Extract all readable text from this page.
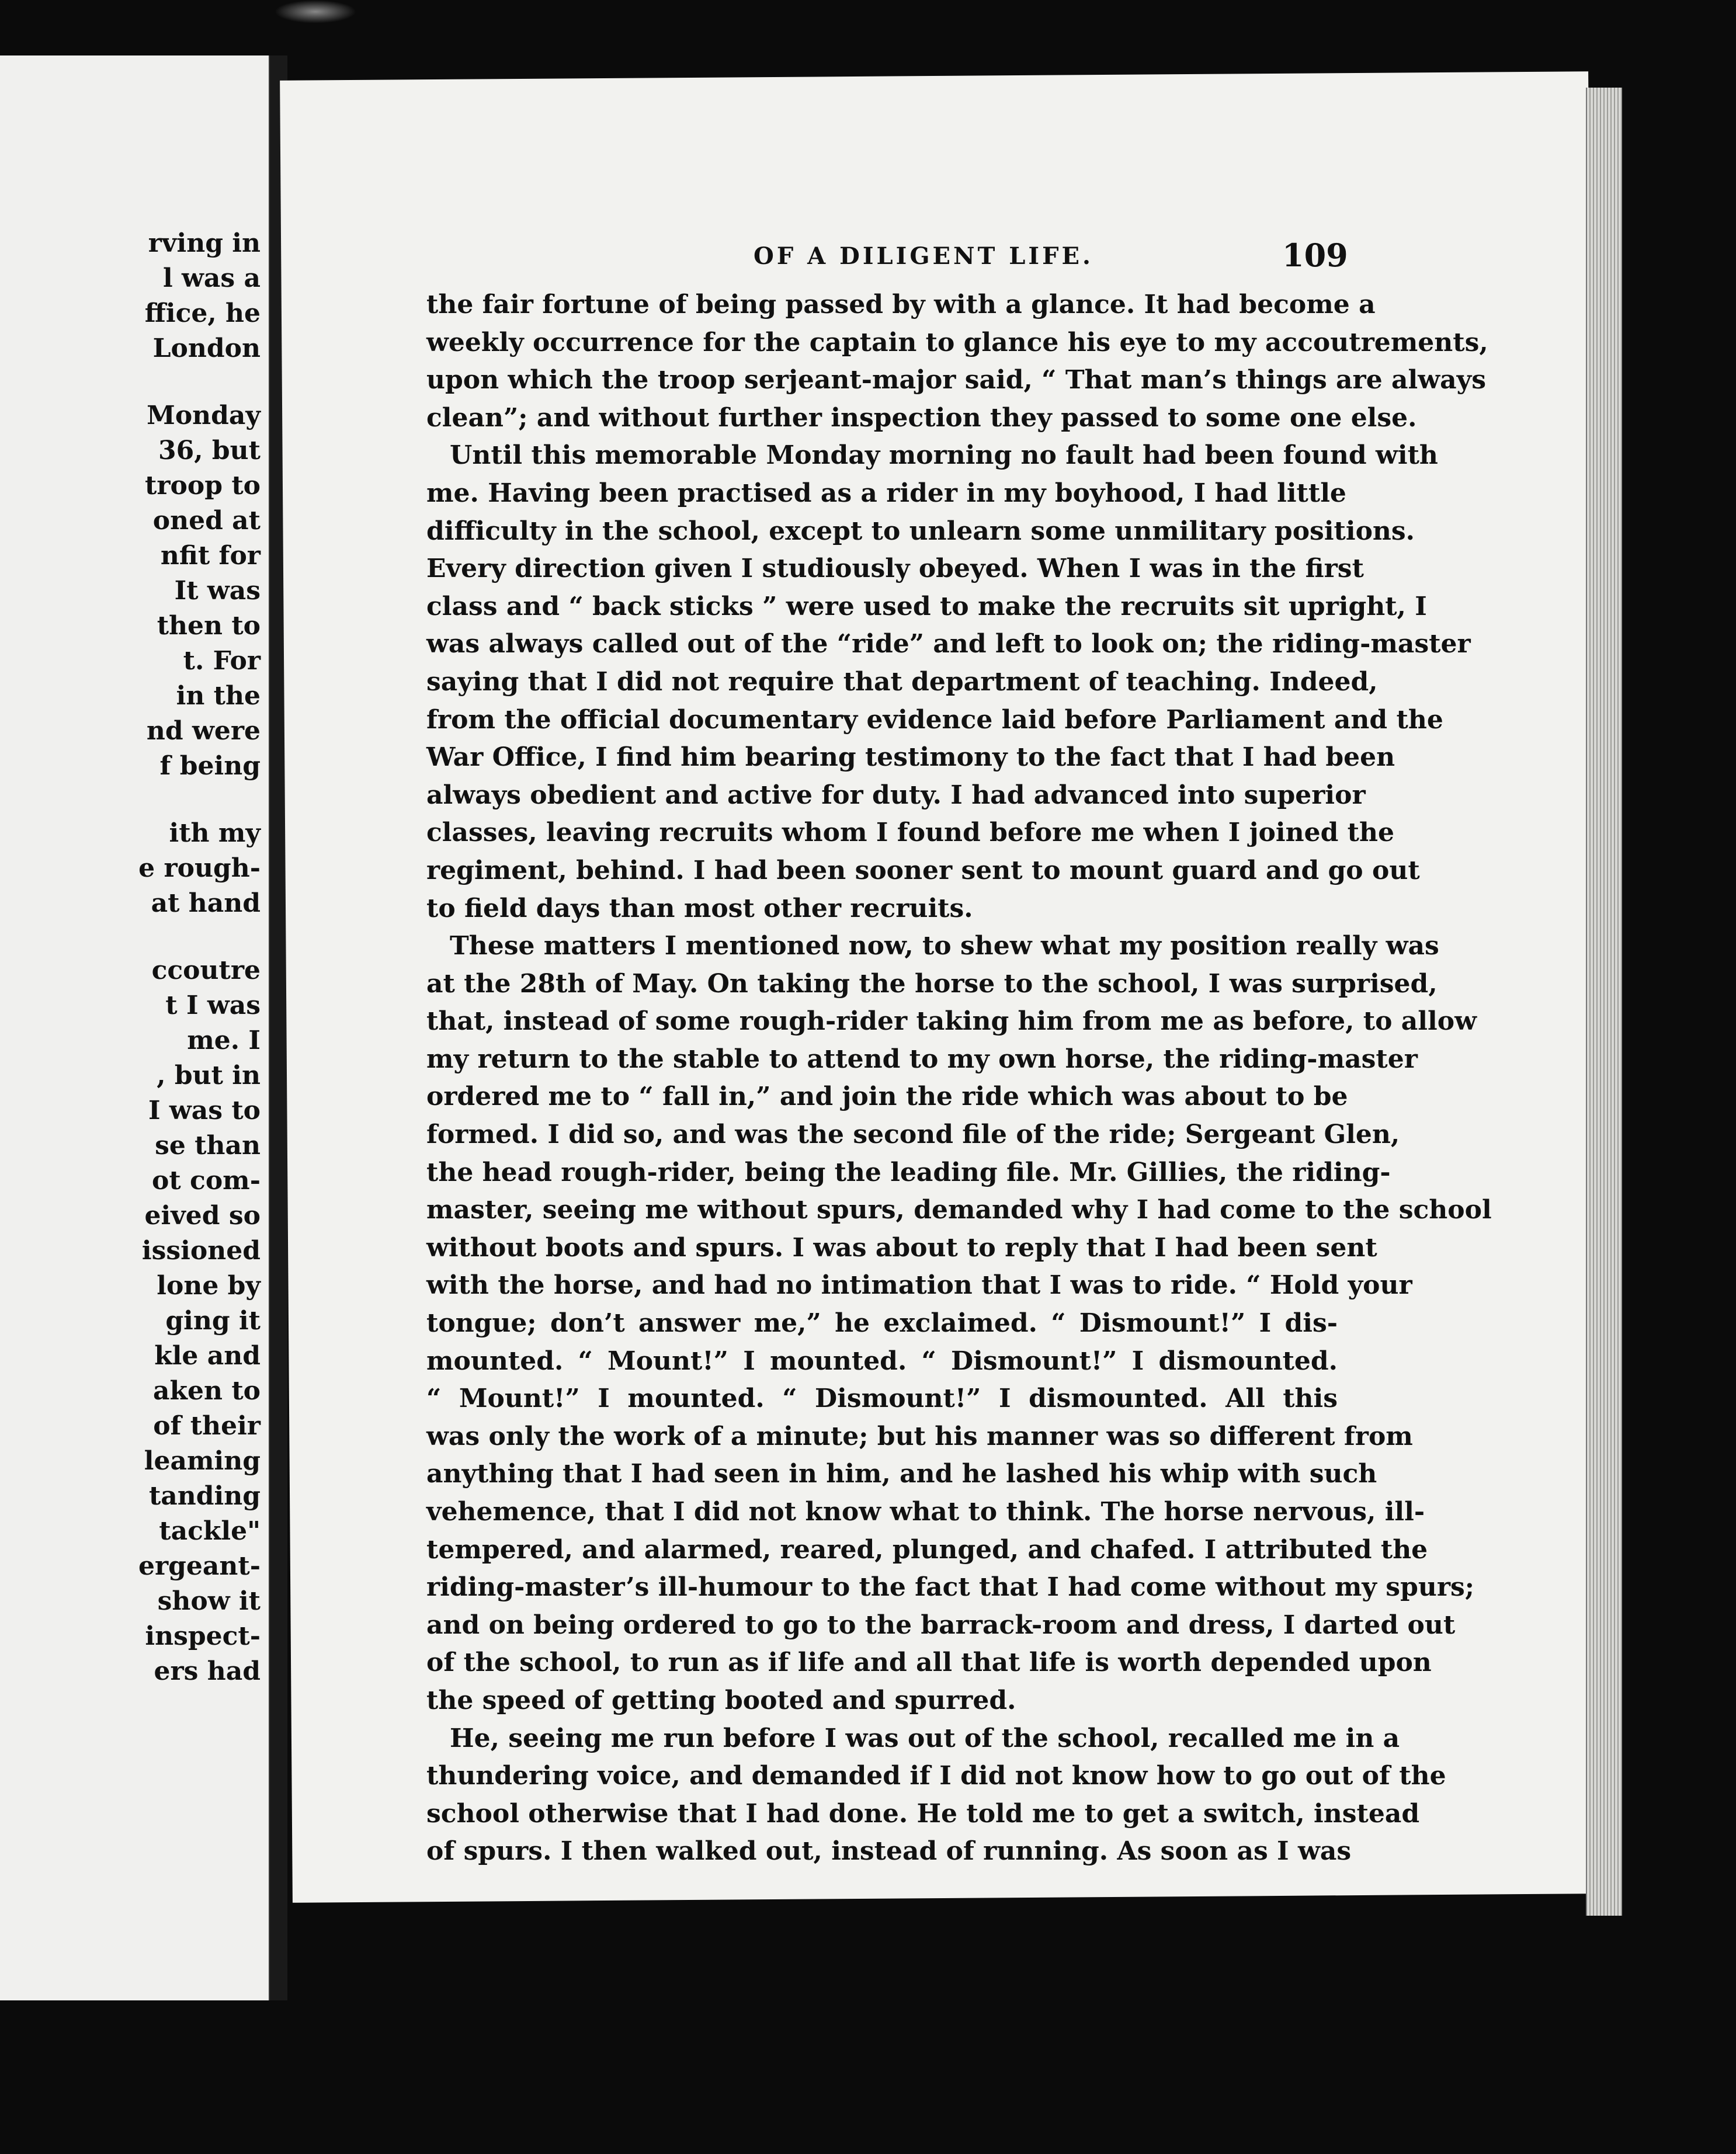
rving in
l was a
ffice, he
London
Monday
36, but
troop to
oned at
nfit for
It was
then to
t. For
in the
nd were
f being
ith my
e rough-
at hand
ccoutre
t I was
me. I
, but in
I was to
se than
ot com-
eived so
issioned
lone by
ging it
kle and
aken to
of their
leaming
tanding
tackle"
ergeant-
show it
inspect-
ers had
109

the fair fortune of being passed by with a glance. It had become a
weekly occurrence for the captain to glance his eye to my accoutrements,
upon which the troop serjeant-major said, “ That man’s things are always
clean”; and without further inspection they passed to some one else.

Until this memorable Monday morning no fault had been found with
me. Having been practised as a rider in my boyhood, I had little
difficulty in the school, except to unlearn some unmilitary positions.
Every direction given I studiously obeyed. When I was in the first
class and “ back sticks ” were used to make the recruits sit upright, I
was always called out of the “ride” and left to look on; the riding-master
saying that I did not require that department of teaching. Indeed,
from the official documentary evidence laid before Parliament and the
War Office, I find him bearing testimony to the fact that I had been
always obedient and active for duty. I had advanced into superior
classes, leaving recruits whom I found before me when I joined the
regiment, behind. I had been sooner sent to mount guard and go out
to field days than most other recruits.

These matters I mentioned now, to shew what my position really was
at the 28th of May. On taking the horse to the school, I was surprised,
that, instead of some rough-rider taking him from me as before, to allow
my return to the stable to attend to my own horse, the riding-master
ordered me to “ fall in,” and join the ride which was about to be
formed. I did so, and was the second file of the ride; Sergeant Glen,
the head rough-rider, being the leading file. Mr. Gillies, the riding-
master, seeing me without spurs, demanded why I had come to the school
without boots and spurs. I was about to reply that I had been sent
with the horse, and had no intimation that I was to ride. “ Hold your
tongue; don’t answer me,” he exclaimed. “ Dismount!” I dis-
mounted. “ Mount!” I mounted. “ Dismount!” I dismounted.
“ Mount!” I mounted. “ Dismount!” I dismounted. All this
was only the work of a minute; but his manner was so different from
anything that I had seen in him, and he lashed his whip with such
vehemence, that I did not know what to think. The horse nervous, ill-
tempered, and alarmed, reared, plunged, and chafed. I attributed the
riding-master’s ill-humour to the fact that I had come without my spurs;
and on being ordered to go to the barrack-room and dress, I darted out
of the school, to run as if life and all that life is worth depended upon
the speed of getting booted and spurred.

He, seeing me run before I was out of the school, recalled me in a
thundering voice, and demanded if I did not know how to go out of the
school otherwise that I had done. He told me to get a switch, instead
of spurs. I then walked out, instead of running. As soon as I was
